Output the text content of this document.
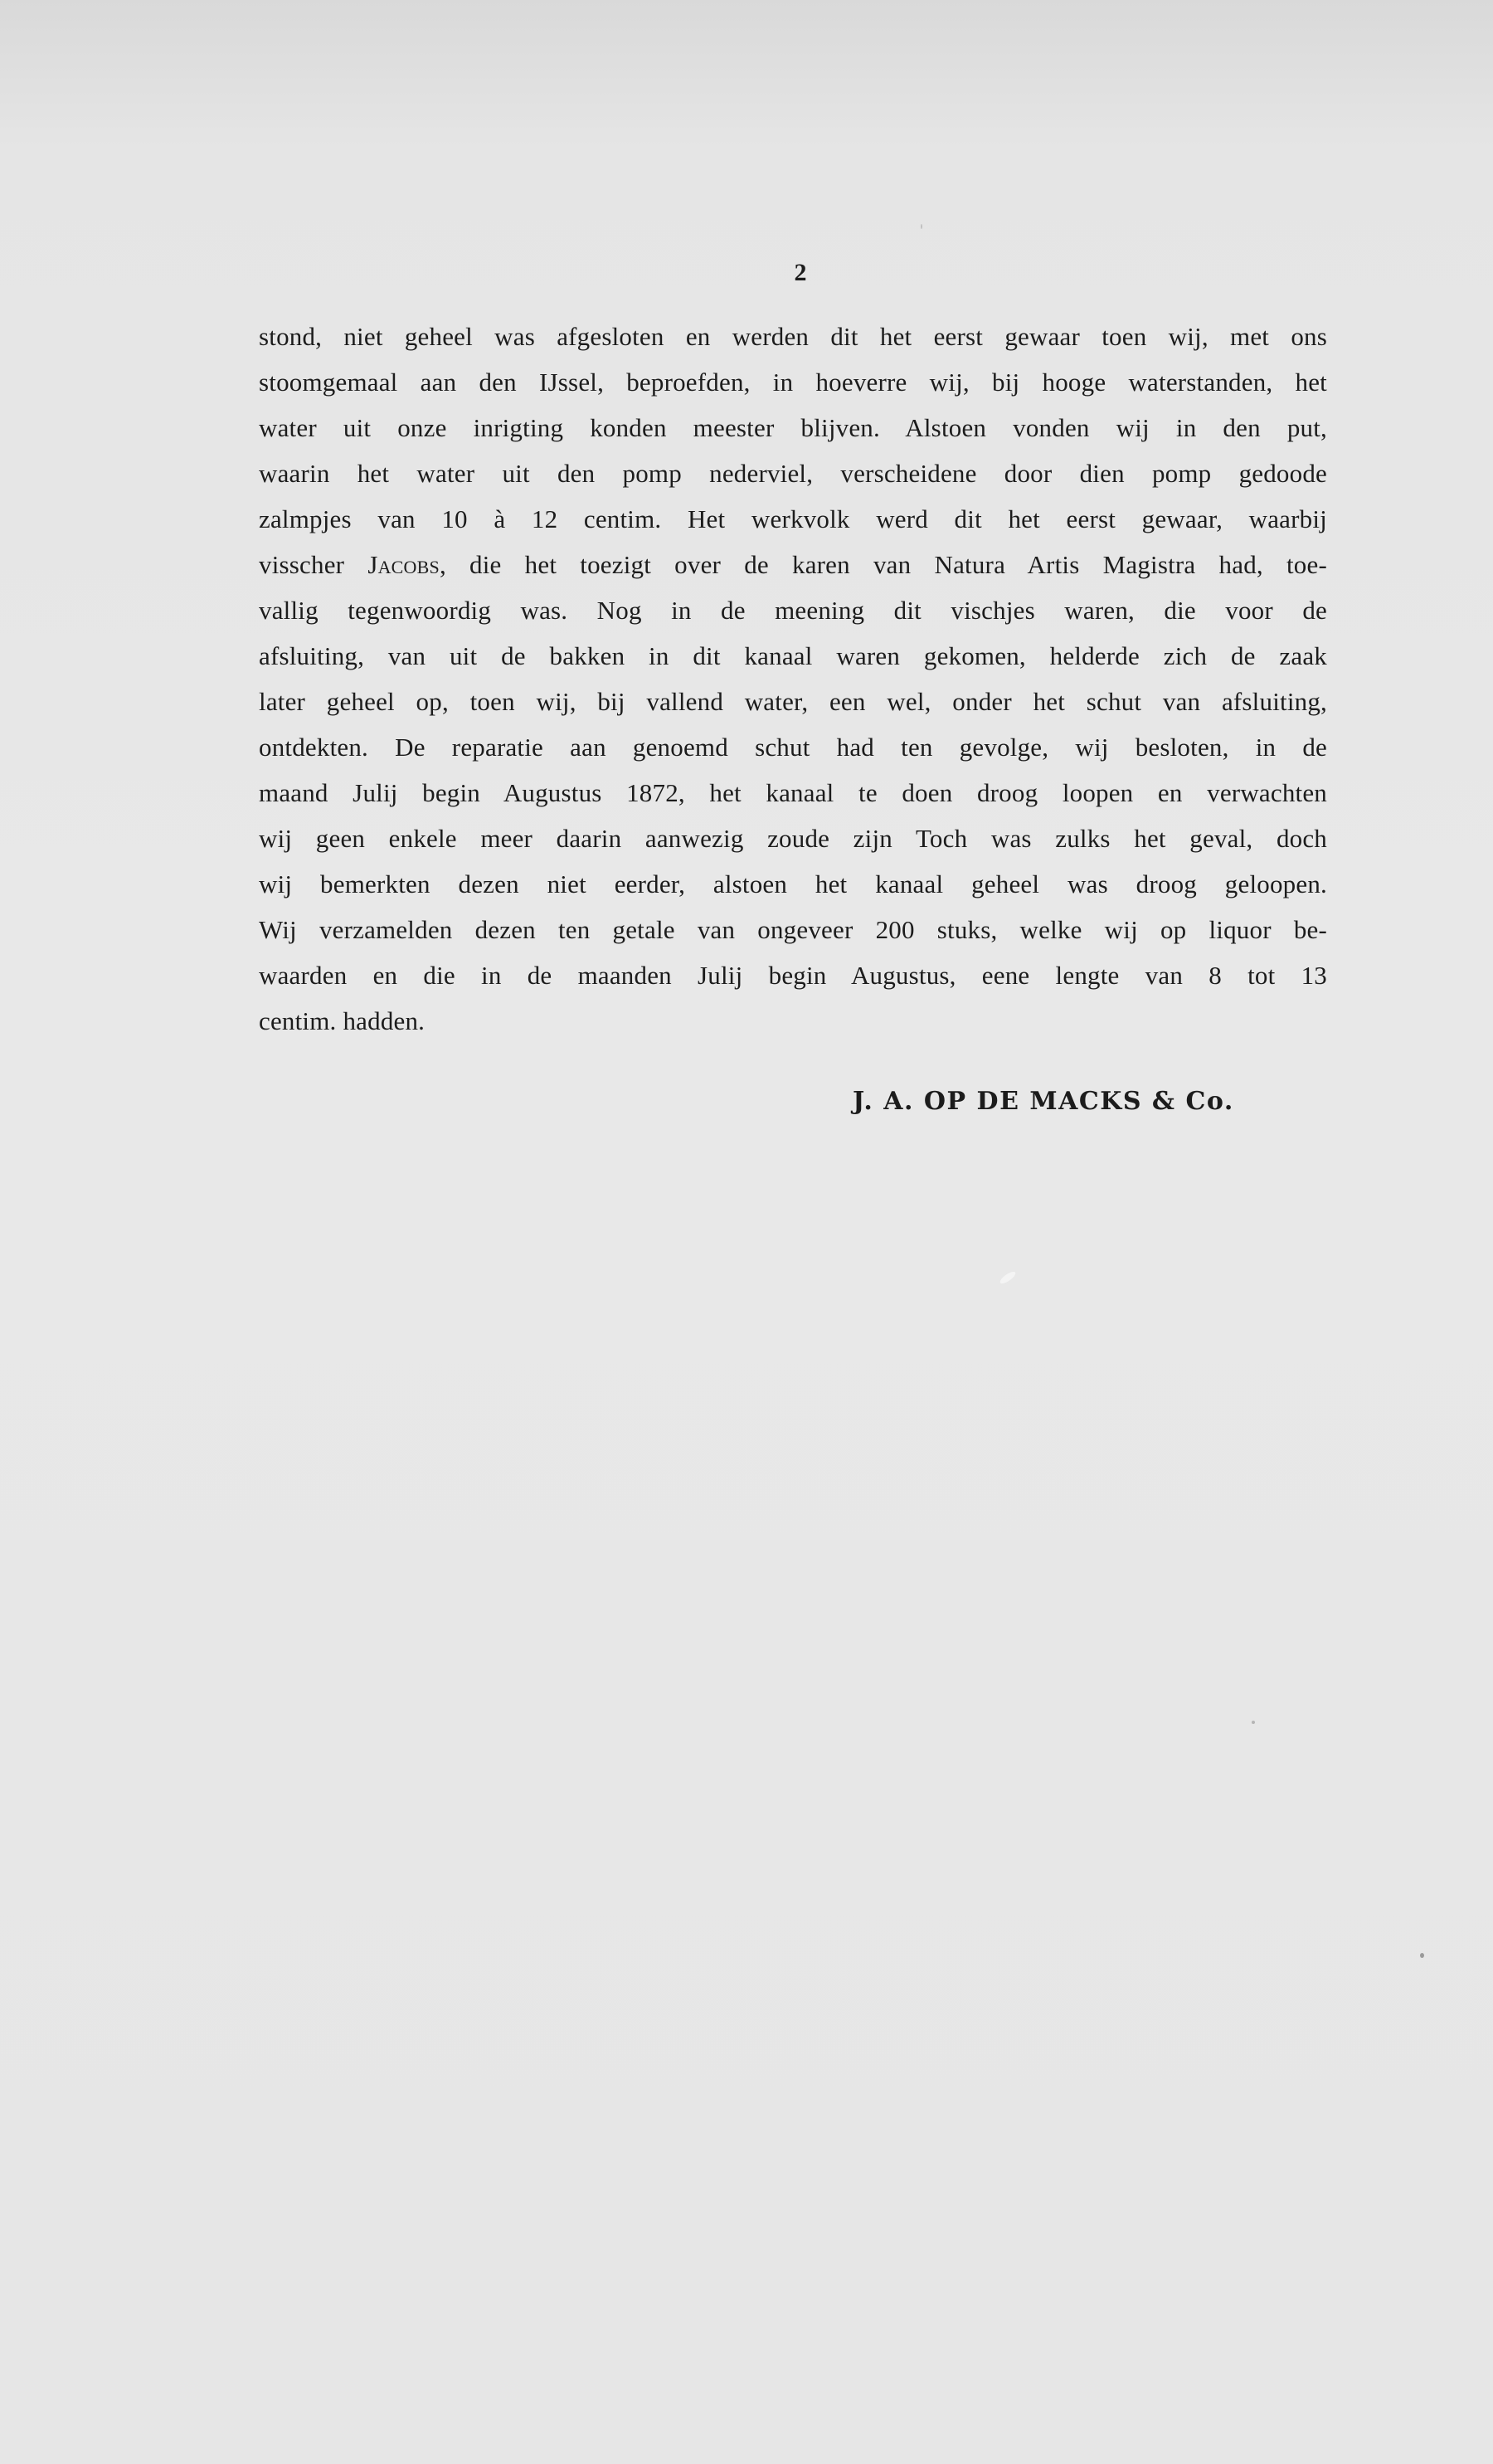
2
stond, niet geheel was afgesloten en werden dit het eerst gewaar toen wij, met ons
stoomgemaal aan den IJssel, beproefden, in hoeverre wij, bij hooge waterstanden, het
water uit onze inrigting konden meester blijven. Alstoen vonden wij in den put,
waarin het water uit den pomp nederviel, verscheidene door dien pomp gedoode
zalmpjes van 10 à 12 centim. Het werkvolk werd dit het eerst gewaar, waarbij
visscher Jacobs, die het toezigt over de karen van Natura Artis Magistra had, toe-
vallig tegenwoordig was. Nog in de meening dit vischjes waren, die voor de
afsluiting, van uit de bakken in dit kanaal waren gekomen, helderde zich de zaak
later geheel op, toen wij, bij vallend water, een wel, onder het schut van afsluiting,
ontdekten. De reparatie aan genoemd schut had ten gevolge, wij besloten, in de
maand Julij begin Augustus 1872, het kanaal te doen droog loopen en verwachten
wij geen enkele meer daarin aanwezig zoude zijn Toch was zulks het geval, doch
wij bemerkten dezen niet eerder, alstoen het kanaal geheel was droog geloopen.
Wij verzamelden dezen ten getale van ongeveer 200 stuks, welke wij op liquor be-
waarden en die in de maanden Julij begin Augustus, eene lengte van 8 tot 13
centim. hadden.
J. A. OP DE MACKS & Co.
